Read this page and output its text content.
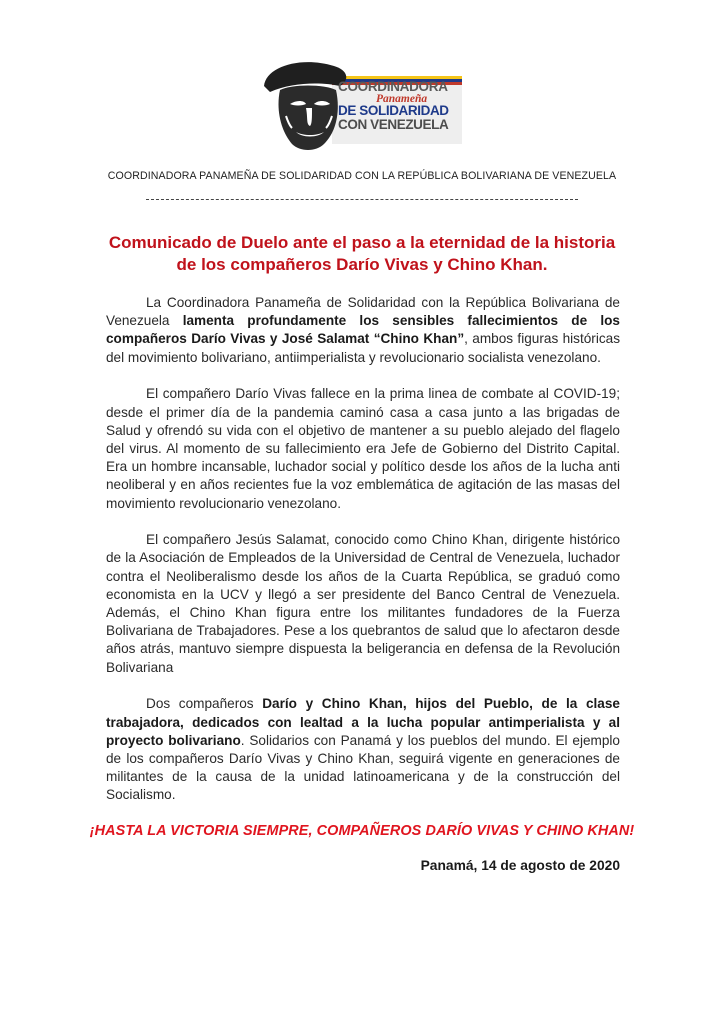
COORDINADORA
Panameña
DE SOLIDARIDAD
CON VENEZUELA
COORDINADORA PANAMEÑA DE SOLIDARIDAD CON LA REPÚBLICA BOLIVARIANA DE VENEZUELA
Comunicado de Duelo ante el paso a la eternidad de la historia
de los compañeros Darío Vivas y Chino Khan.

La Coordinadora Panameña de Solidaridad con la República Bolivariana de Venezuela lamenta profundamente los sensibles fallecimientos de los compañeros Darío Vivas y José Salamat “Chino Khan”, ambos figuras históricas del movimiento bolivariano, antiimperialista y revolucionario socialista venezolano.

El compañero Darío Vivas fallece en la prima linea de combate al COVID-19; desde el primer día de la pandemia caminó casa a casa junto a las brigadas de Salud y ofrendó su vida con el objetivo de mantener a su pueblo alejado del flagelo del virus. Al momento de su fallecimiento era Jefe de Gobierno del Distrito Capital. Era un hombre incansable, luchador social y político desde los años de la lucha anti neoliberal y en años recientes fue la voz emblemática de agitación de las masas del movimiento revolucionario venezolano.

El compañero Jesús Salamat, conocido como Chino Khan, dirigente histórico de la Asociación de Empleados de la Universidad de Central de Venezuela, luchador contra el Neoliberalismo desde los años de la Cuarta República, se graduó como economista en la UCV y llegó a ser presidente del Banco Central de Venezuela. Además, el Chino Khan figura entre los militantes fundadores de la Fuerza Bolivariana de Trabajadores. Pese a los quebrantos de salud que lo afectaron desde años atrás, mantuvo siempre dispuesta la beligerancia en defensa de la Revolución Bolivariana

Dos compañeros Darío y Chino Khan, hijos del Pueblo, de la clase trabajadora, dedicados con lealtad a la lucha popular antimperialista y al proyecto bolivariano. Solidarios con Panamá y los pueblos del mundo. El ejemplo de los compañeros Darío Vivas y Chino Khan, seguirá vigente en generaciones de militantes de la causa de la unidad latinoamericana y de la construcción del Socialismo.

¡HASTA LA VICTORIA SIEMPRE, COMPAÑEROS DARÍO VIVAS Y CHINO KHAN!
Panamá, 14 de agosto de 2020
